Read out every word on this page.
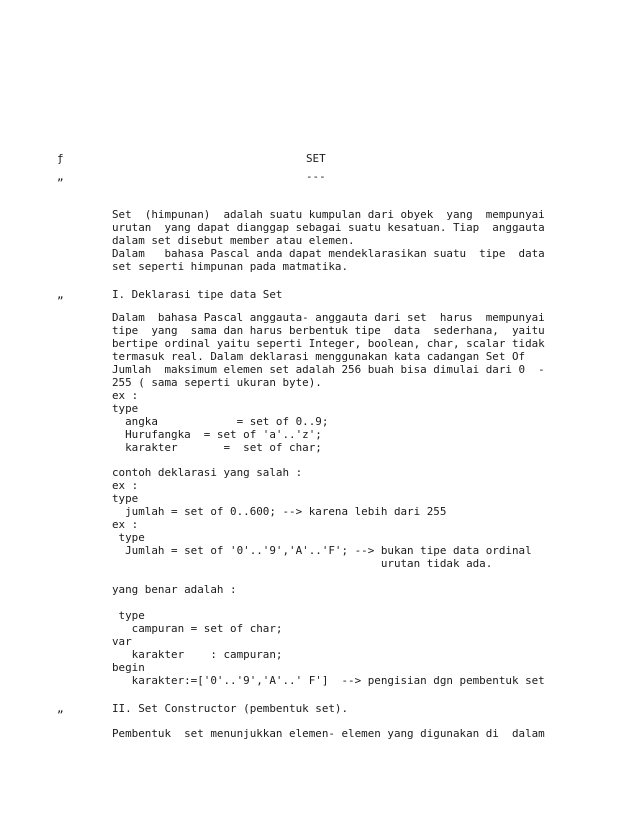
ƒ	SET
„	---
„
„
Set  (himpunan)  adalah suatu kumpulan dari obyek  yang  mempunyai
urutan  yang dapat dianggap sebagai suatu kesatuan. Tiap  anggauta
dalam set disebut member atau elemen.
Dalam   bahasa Pascal anda dapat mendeklarasikan suatu  tipe  data
set seperti himpunan pada matmatika.
I. Deklarasi tipe data Set
Dalam  bahasa Pascal anggauta- anggauta dari set  harus  mempunyai
tipe  yang  sama dan harus berbentuk tipe  data  sederhana,  yaitu
bertipe ordinal yaitu seperti Integer, boolean, char, scalar tidak
termasuk real. Dalam deklarasi menggunakan kata cadangan Set Of
Jumlah  maksimum elemen set adalah 256 buah bisa dimulai dari 0  -
255 ( sama seperti ukuran byte).
ex :
type
angka            = set of 0..9;
Hurufangka  = set of 'a'..'z';
karakter       =  set of char;
contoh deklarasi yang salah :
ex :
type
jumlah = set of 0..600; --> karena lebih dari 255
ex :
type
Jumlah = set of '0'..'9','A'..'F'; --> bukan tipe data ordinal
urutan tidak ada.
yang benar adalah :
type
campuran = set of char;
var
karakter    : campuran;
begin
karakter:=['0'..'9','A'..' F']  --> pengisian dgn pembentuk set
II. Set Constructor (pembentuk set).
Pembentuk  set menunjukkan elemen- elemen yang digunakan di  dalam
